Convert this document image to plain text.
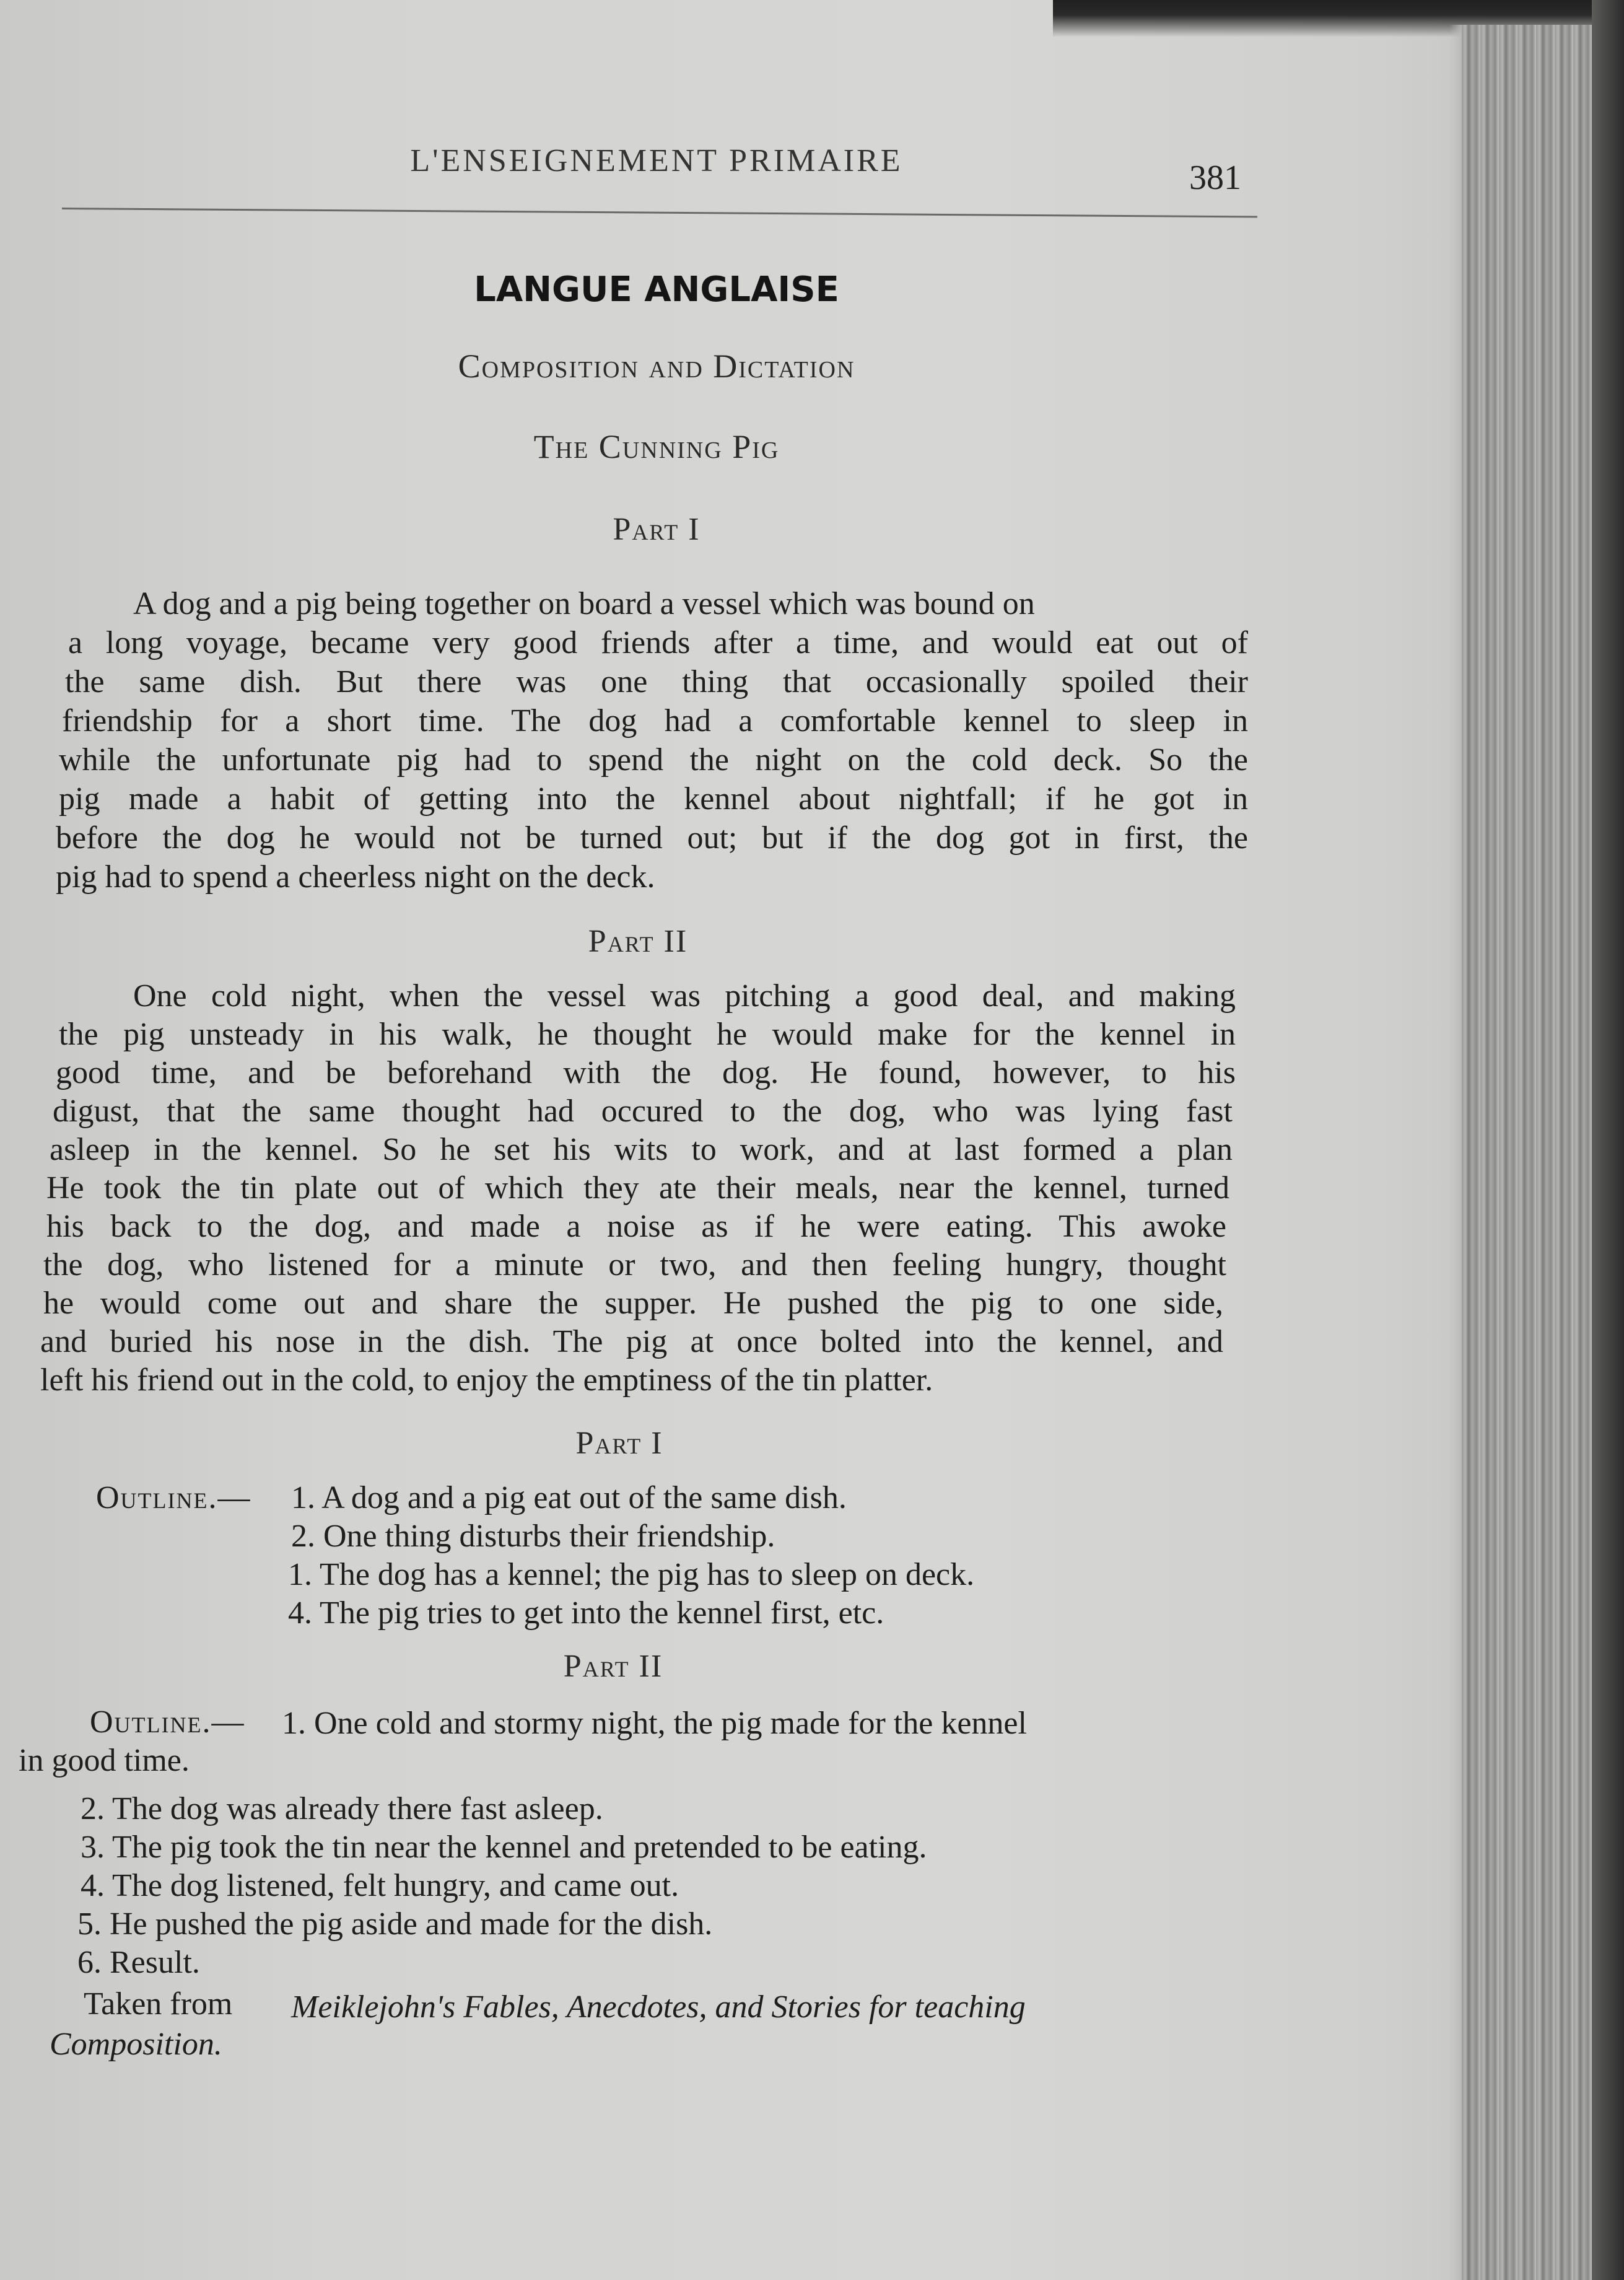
L'ENSEIGNEMENT PRIMAIRE	381
LANGUE ANGLAISE
Composition and Dictation
The Cunning Pig
Part I
A dog and a pig being together on board a vessel which was bound on
a long voyage, became very good friends after a time, and would eat out of
the same dish. But there was one thing that occasionally spoiled their
friendship for a short time. The dog had a comfortable kennel to sleep in
while the unfortunate pig had to spend the night on the cold deck. So the
pig made a habit of getting into the kennel about nightfall; if he got in
before the dog he would not be turned out; but if the dog got in first, the
pig had to spend a cheerless night on the deck.
Part II
One cold night, when the vessel was pitching a good deal, and making
the pig unsteady in his walk, he thought he would make for the kennel in
good time, and be beforehand with the dog. He found, however, to his
digust, that the same thought had occured to the dog, who was lying fast
asleep in the kennel. So he set his wits to work, and at last formed a plan
He took the tin plate out of which they ate their meals, near the kennel, turned
his back to the dog, and made a noise as if he were eating. This awoke
the dog, who listened for a minute or two, and then feeling hungry, thought
he would come out and share the supper. He pushed the pig to one side,
and buried his nose in the dish. The pig at once bolted into the kennel, and
left his friend out in the cold, to enjoy the emptiness of the tin platter.
Part I
Outline.— 1. A dog and a pig eat out of the same dish.
2. One thing disturbs their friendship.
1. The dog has a kennel; the pig has to sleep on deck.
4. The pig tries to get into the kennel first, etc.
Part II
Outline.— 1. One cold and stormy night, the pig made for the kennel
in good time.
2. The dog was already there fast asleep.
3. The pig took the tin near the kennel and pretended to be eating.
4. The dog listened, felt hungry, and came out.
5. He pushed the pig aside and made for the dish.
6. Result.
Taken from Meiklejohn's Fables, Anecdotes, and Stories for teaching
Composition.
